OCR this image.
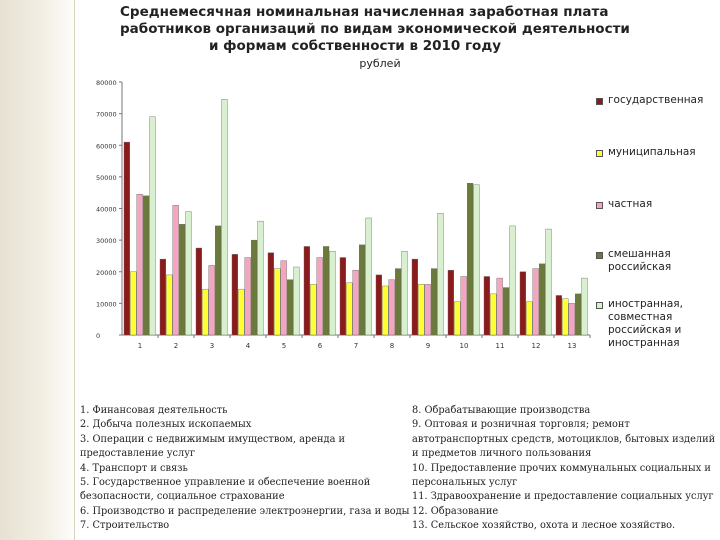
Среднемесячная номинальная начисленная заработная плата
работников организаций по видам экономической деятельности
и формам собственности в 2010 году
рублей
0
10000
20000
30000
40000
50000
60000
70000
80000
1	2	3	4	5	6	7	8	9	10	11	12	13
государственная
муниципальная
частная
смешанная российская
иностранная, совместная российская и иностранная
1. Финансовая деятельность
2. Добыча полезных ископаемых
3. Операции с недвижимым имуществом, аренда и предоставление услуг
4. Транспорт и связь
5. Государственное управление и обеспечение военной безопасности, социальное страхование
6. Производство и распределение электроэнергии, газа и воды
7. Строительство
8. Обрабатывающие производства
9. Оптовая и розничная торговля; ремонт автотранспортных средств, мотоциклов, бытовых изделий и предметов личного пользования
10. Предоставление прочих коммунальных социальных и персональных услуг
11. Здравоохранение и предоставление социальных услуг
12. Образование
13. Сельское хозяйство, охота и лесное хозяйство.
